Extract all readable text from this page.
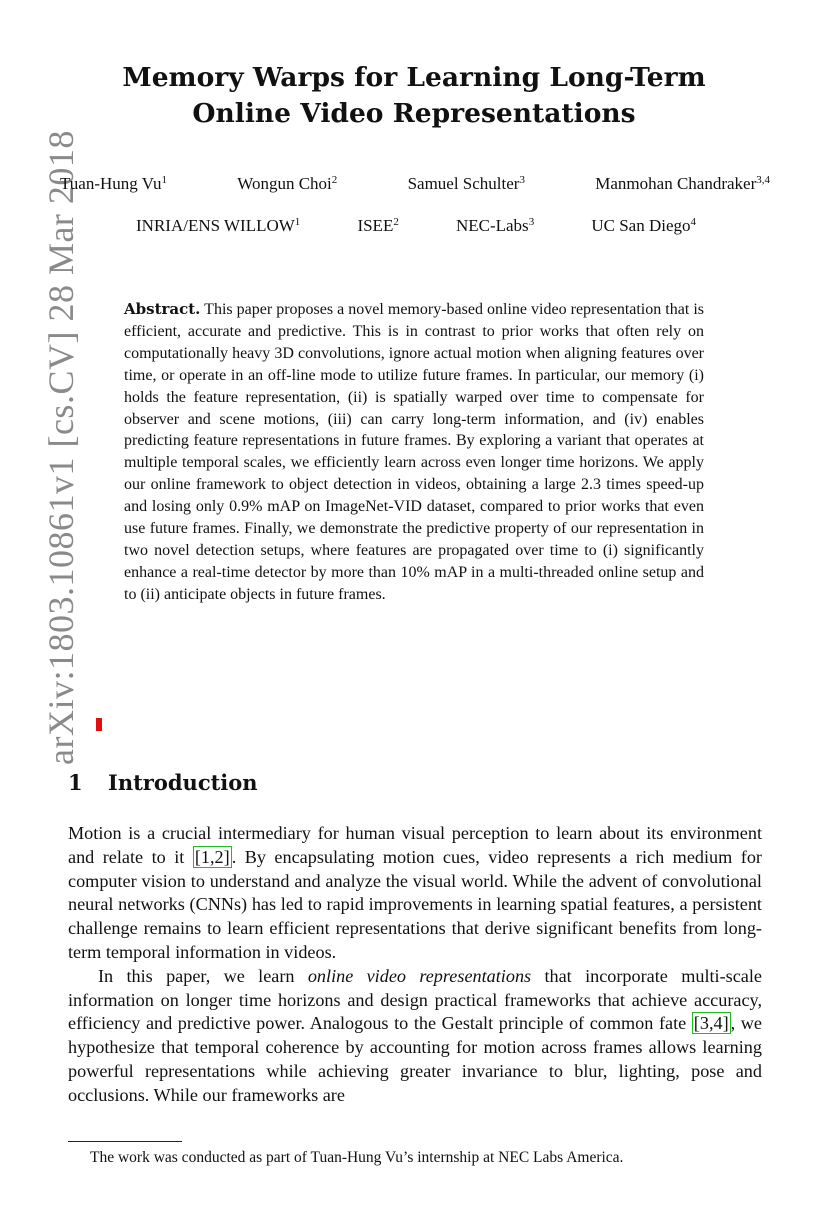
arXiv:1803.10861v1 [cs.CV] 28 Mar 2018
Memory Warps for Learning Long-Term
Online Video Representations
Tuan-Hung Vu$^1$	Wongun Choi$^2$	Samuel Schulter$^3$	Manmohan Chandraker$^{3,4}$
INRIA/ENS WILLOW$^1$	ISEE$^2$	NEC-Labs$^3$	UC San Diego$^4$
Abstract. This paper proposes a novel memory-based online video representation that is efficient, accurate and predictive. This is in contrast to prior works that often rely on computationally heavy 3D convolutions, ignore actual motion when aligning features over time, or operate in an off-line mode to utilize future frames. In particular, our memory (i) holds the feature representation, (ii) is spatially warped over time to compensate for observer and scene motions, (iii) can carry long-term information, and (iv) enables predicting feature representations in future frames. By exploring a variant that operates at multiple temporal scales, we efficiently learn across even longer time horizons. We apply our online framework to object detection in videos, obtaining a large 2.3 times speed-up and losing only 0.9% mAP on ImageNet-VID dataset, compared to prior works that even use future frames. Finally, we demonstrate the predictive property of our representation in two novel detection setups, where features are propagated over time to (i) significantly enhance a real-time detector by more than 10% mAP in a multi-threaded online setup and to (ii) anticipate objects in future frames.
1 Introduction

Motion is a crucial intermediary for human visual perception to learn about its environment and relate to it [1,2] . By encapsulating motion cues, video represents a rich medium for computer vision to understand and analyze the visual world. While the advent of convolutional neural networks (CNNs) has led to rapid improvements in learning spatial features, a persistent challenge remains to learn efficient representations that derive significant benefits from long-term temporal information in videos.

In this paper, we learn online video representations that incorporate multi-scale information on longer time horizons and design practical frameworks that achieve accuracy, efficiency and predictive power. Analogous to the Gestalt principle of common fate [3,4] , we hypothesize that temporal coherence by accounting for motion across frames allows learning powerful representations while achieving greater invariance to blur, lighting, pose and occlusions. While our frameworks are

The work was conducted as part of Tuan-Hung Vu’s internship at NEC Labs America.
